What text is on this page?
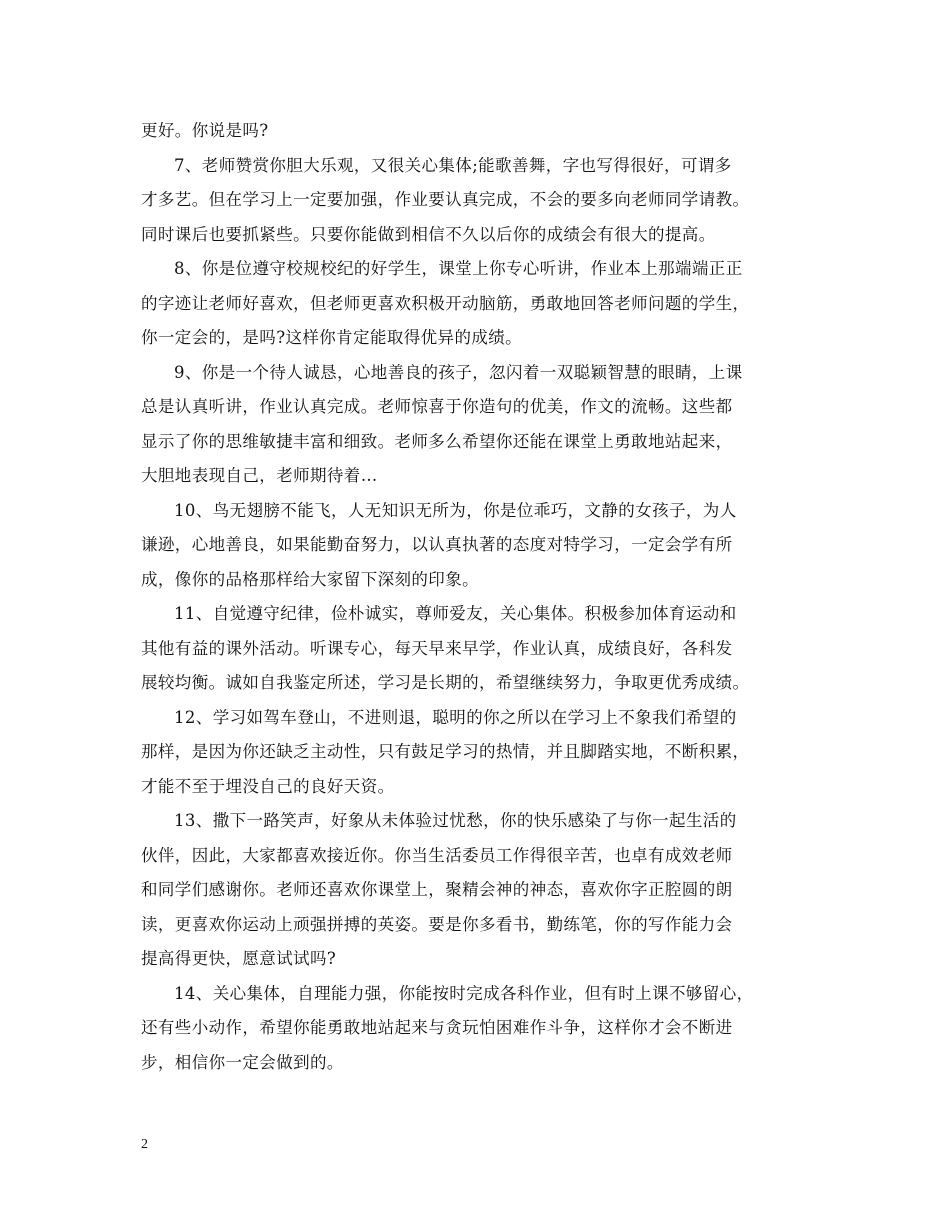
更好。你说是吗?
7、老师赞赏你胆大乐观，又很关心集体;能歌善舞，字也写得很好，可谓多
才多艺。但在学习上一定要加强，作业要认真完成，不会的要多向老师同学请教。
同时课后也要抓紧些。只要你能做到相信不久以后你的成绩会有很大的提高。
8、你是位遵守校规校纪的好学生，课堂上你专心听讲，作业本上那端端正正
的字迹让老师好喜欢，但老师更喜欢积极开动脑筋，勇敢地回答老师问题的学生，
你一定会的，是吗?这样你肯定能取得优异的成绩。
9、你是一个待人诚恳，心地善良的孩子，忽闪着一双聪颖智慧的眼睛，上课
总是认真听讲，作业认真完成。老师惊喜于你造句的优美，作文的流畅。这些都
显示了你的思维敏捷丰富和细致。老师多么希望你还能在课堂上勇敢地站起来，
大胆地表现自己，老师期待着…
10、鸟无翅膀不能飞，人无知识无所为，你是位乖巧，文静的女孩子，为人
谦逊，心地善良，如果能勤奋努力，以认真执著的态度对特学习，一定会学有所
成，像你的品格那样给大家留下深刻的印象。
11、自觉遵守纪律，俭朴诚实，尊师爱友，关心集体。积极参加体育运动和
其他有益的课外活动。听课专心，每天早来早学，作业认真，成绩良好，各科发
展较均衡。诚如自我鉴定所述，学习是长期的，希望继续努力，争取更优秀成绩。
12、学习如驾车登山，不进则退，聪明的你之所以在学习上不象我们希望的
那样，是因为你还缺乏主动性，只有鼓足学习的热情，并且脚踏实地，不断积累，
才能不至于埋没自己的良好天资。
13、撒下一路笑声，好象从未体验过忧愁，你的快乐感染了与你一起生活的
伙伴，因此，大家都喜欢接近你。你当生活委员工作得很辛苦，也卓有成效老师
和同学们感谢你。老师还喜欢你课堂上，聚精会神的神态，喜欢你字正腔圆的朗
读，更喜欢你运动上顽强拼搏的英姿。要是你多看书，勤练笔，你的写作能力会
提高得更快，愿意试试吗?
14、关心集体，自理能力强，你能按时完成各科作业，但有时上课不够留心，
还有些小动作，希望你能勇敢地站起来与贪玩怕困难作斗争，这样你才会不断进
步，相信你一定会做到的。
2
